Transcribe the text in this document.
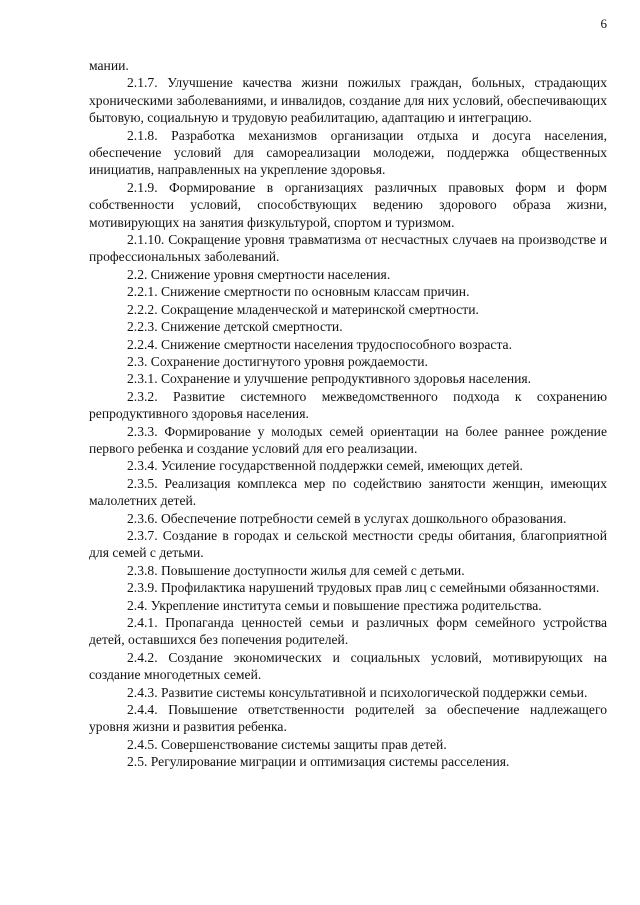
6

мании.

2.1.7. Улучшение качества жизни пожилых граждан, больных, страдающих хроническими заболеваниями, и инвалидов, создание для них условий, обеспечивающих бытовую, социальную и трудовую реабилитацию, адаптацию и интеграцию.

2.1.8. Разработка механизмов организации отдыха и досуга населения, обеспечение условий для самореализации молодежи, поддержка общественных инициатив, направленных на укрепление здоровья.

2.1.9. Формирование в организациях различных правовых форм и форм собственности условий, способствующих ведению здорового образа жизни, мотивирующих на занятия физкультурой, спортом и туризмом.

2.1.10. Сокращение уровня травматизма от несчастных случаев на производстве и профессиональных заболеваний.

2.2. Снижение уровня смертности населения.

2.2.1. Снижение смертности по основным классам причин.

2.2.2. Сокращение младенческой и материнской смертности.

2.2.3. Снижение детской смертности.

2.2.4. Снижение смертности населения трудоспособного возраста.

2.3. Сохранение достигнутого уровня рождаемости.

2.3.1. Сохранение и улучшение репродуктивного здоровья населения.

2.3.2. Развитие системного межведомственного подхода к сохранению репродуктивного здоровья населения.

2.3.3. Формирование у молодых семей ориентации на более раннее рождение первого ребенка и создание условий для его реализации.

2.3.4. Усиление государственной поддержки семей, имеющих детей.

2.3.5. Реализация комплекса мер по содействию занятости женщин, имеющих малолетних детей.

2.3.6. Обеспечение потребности семей в услугах дошкольного образования.

2.3.7. Создание в городах и сельской местности среды обитания, благоприятной для семей с детьми.

2.3.8. Повышение доступности жилья для семей с детьми.

2.3.9. Профилактика нарушений трудовых прав лиц с семейными обязанностями.

2.4. Укрепление института семьи и повышение престижа родительства.

2.4.1. Пропаганда ценностей семьи и различных форм семейного устройства детей, оставшихся без попечения родителей.

2.4.2. Создание экономических и социальных условий, мотивирующих на создание многодетных семей.

2.4.3. Развитие системы консультативной и психологической поддержки семьи.

2.4.4. Повышение ответственности родителей за обеспечение надлежащего уровня жизни и развития ребенка.

2.4.5. Совершенствование системы защиты прав детей.

2.5. Регулирование миграции и оптимизация системы расселения.
